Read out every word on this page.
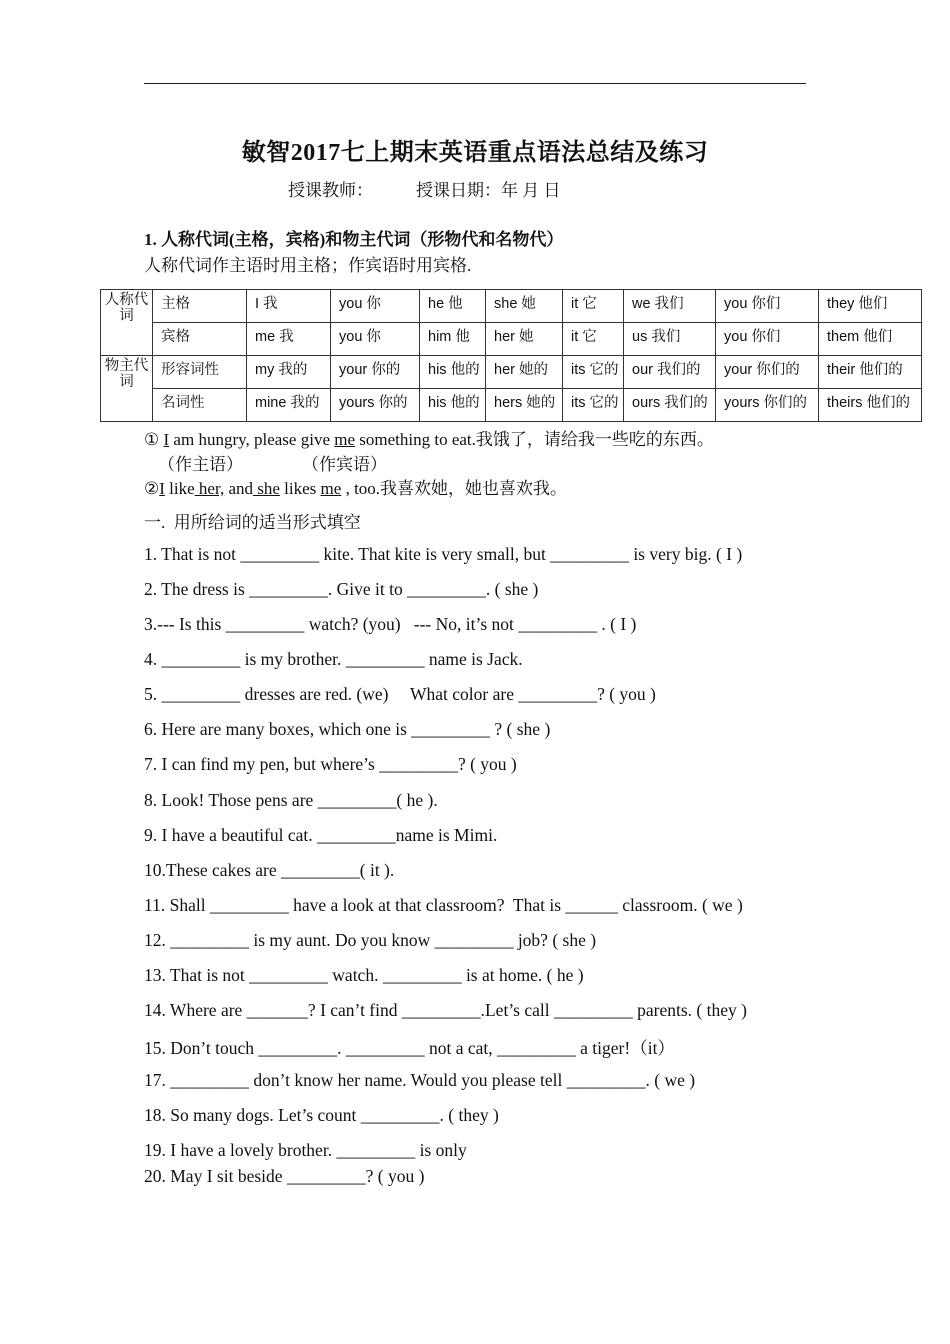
敏智2017七上期末英语重点语法总结及练习
授课教师：	授课日期：年 月 日
1. 人称代词(主格，宾格)和物主代词（形物代和名物代）
人称代词作主语时用主格；作宾语时用宾格.
人称代词	主格	I 我	you 你	he 他	she 她	it 它	we 我们	you 你们	they 他们
	宾格	me 我	you 你	him 他	her 她	it 它	us 我们	you 你们	them 他们
物主代词	形容词性	my 我的	your 你的	his 他的	her 她的	its 它的	our 我们的	your 你们的	their 他们的
	名词性	mine 我的	yours 你的	his 他的	hers 她的	its 它的	ours 我们的	yours 你们的	theirs 他们的
① I am hungry, please give me something to eat.我饿了，请给我一些吃的东西。
（作主语）	（作宾语）
②I like her, and she likes me , too.我喜欢她，她也喜欢我。
一.  用所给词的适当形式填空
1. That is not _________ kite. That kite is very small, but _________ is very big. ( I )
2. The dress is _________. Give it to _________. ( she )
3.--- Is this _________ watch? (you)   --- No, it’s not _________ . ( I )
4. _________ is my brother. _________ name is Jack.
5. _________ dresses are red. (we)     What color are _________? ( you )
6. Here are many boxes, which one is _________ ? ( she )
7. I can find my pen, but where’s _________? ( you )
8. Look! Those pens are _________( he ).
9. I have a beautiful cat. _________name is Mimi.
10.These cakes are _________( it ).
11. Shall _________ have a look at that classroom?  That is ______ classroom. ( we )
12. _________ is my aunt. Do you know _________ job? ( she )
13. That is not _________ watch. _________ is at home. ( he )
14. Where are _______? I can’t find _________.Let’s call _________ parents. ( they )
15. Don’t touch _________. _________ not a cat, _________ a tiger!（it）
17. _________ don’t know her name. Would you please tell _________. ( we )
18. So many dogs. Let’s count _________. ( they )
19. I have a lovely brother. _________ is only
20. May I sit beside _________? ( you )
